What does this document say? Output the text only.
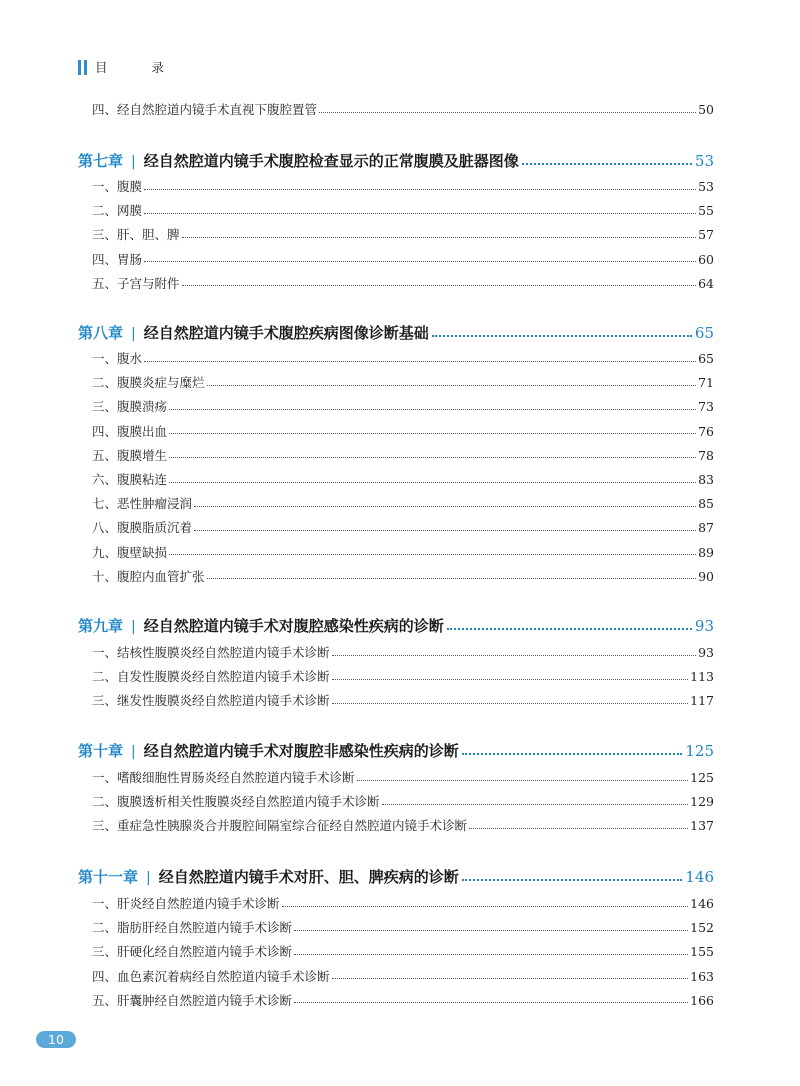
目 录
四、经自然腔道内镜手术直视下腹腔置管	50
第七章 | 经自然腔道内镜手术腹腔检查显示的正常腹膜及脏器图像	53
一、腹膜	53
二、网膜	55
三、肝、胆、脾	57
四、胃肠	60
五、子宫与附件	64
第八章 | 经自然腔道内镜手术腹腔疾病图像诊断基础	65
一、腹水	65
二、腹膜炎症与糜烂	71
三、腹膜溃疡	73
四、腹膜出血	76
五、腹膜增生	78
六、腹膜粘连	83
七、恶性肿瘤浸润	85
八、腹膜脂质沉着	87
九、腹壁缺损	89
十、腹腔内血管扩张	90
第九章 | 经自然腔道内镜手术对腹腔感染性疾病的诊断	93
一、结核性腹膜炎经自然腔道内镜手术诊断	93
二、自发性腹膜炎经自然腔道内镜手术诊断	113
三、继发性腹膜炎经自然腔道内镜手术诊断	117
第十章 | 经自然腔道内镜手术对腹腔非感染性疾病的诊断	125
一、嗜酸细胞性胃肠炎经自然腔道内镜手术诊断	125
二、腹膜透析相关性腹膜炎经自然腔道内镜手术诊断	129
三、重症急性胰腺炎合并腹腔间隔室综合征经自然腔道内镜手术诊断	137
第十一章 | 经自然腔道内镜手术对肝、胆、脾疾病的诊断	146
一、肝炎经自然腔道内镜手术诊断	146
二、脂肪肝经自然腔道内镜手术诊断	152
三、肝硬化经自然腔道内镜手术诊断	155
四、血色素沉着病经自然腔道内镜手术诊断	163
五、肝囊肿经自然腔道内镜手术诊断	166
10
